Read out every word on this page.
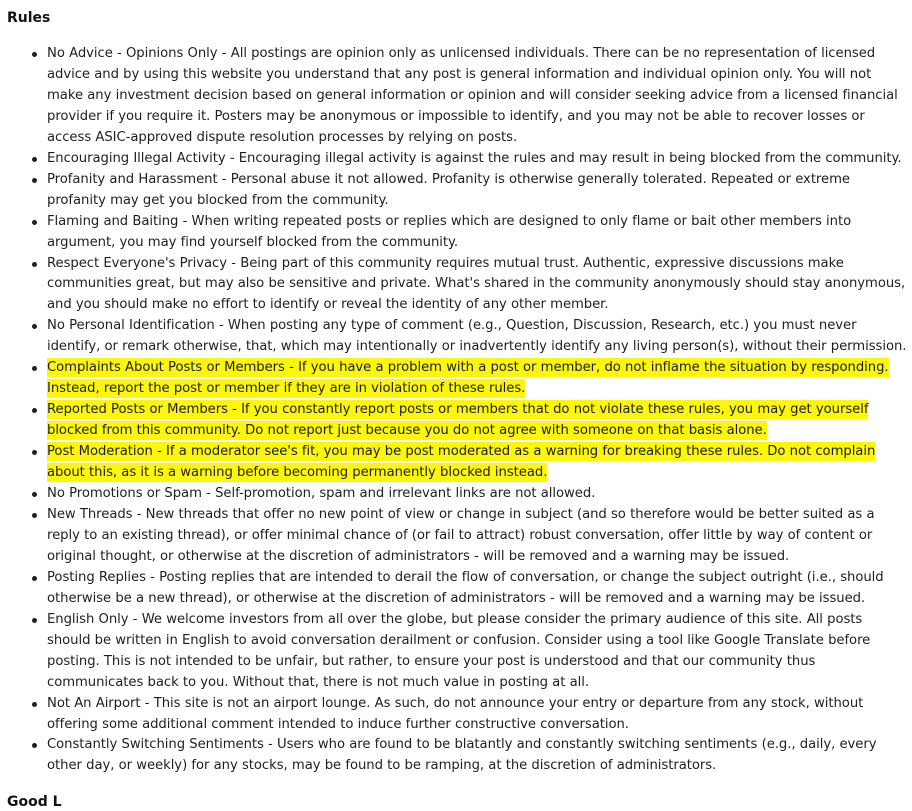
Rules
No Advice - Opinions Only - All postings are opinion only as unlicensed individuals. There can be no representation of licensed advice and by using this website you understand that any post is general information and individual opinion only. You will not make any investment decision based on general information or opinion and will consider seeking advice from a licensed financial provider if you require it. Posters may be anonymous or impossible to identify, and you may not be able to recover losses or access ASIC-approved dispute resolution processes by relying on posts.
Encouraging Illegal Activity - Encouraging illegal activity is against the rules and may result in being blocked from the community.
Profanity and Harassment - Personal abuse it not allowed. Profanity is otherwise generally tolerated. Repeated or extreme profanity may get you blocked from the community.
Flaming and Baiting - When writing repeated posts or replies which are designed to only flame or bait other members into argument, you may find yourself blocked from the community.
Respect Everyone's Privacy - Being part of this community requires mutual trust. Authentic, expressive discussions make communities great, but may also be sensitive and private. What's shared in the community anonymously should stay anonymous, and you should make no effort to identify or reveal the identity of any other member.
No Personal Identification - When posting any type of comment (e.g., Question, Discussion, Research, etc.) you must never identify, or remark otherwise, that, which may intentionally or inadvertently identify any living person(s), without their permission.
Complaints About Posts or Members - If you have a problem with a post or member, do not inflame the situation by responding. Instead, report the post or member if they are in violation of these rules.
Reported Posts or Members - If you constantly report posts or members that do not violate these rules, you may get yourself blocked from this community. Do not report just because you do not agree with someone on that basis alone.
Post Moderation - If a moderator see's fit, you may be post moderated as a warning for breaking these rules. Do not complain about this, as it is a warning before becoming permanently blocked instead.
No Promotions or Spam - Self-promotion, spam and irrelevant links are not allowed.
New Threads - New threads that offer no new point of view or change in subject (and so therefore would be better suited as a reply to an existing thread), or offer minimal chance of (or fail to attract) robust conversation, offer little by way of content or original thought, or otherwise at the discretion of administrators - will be removed and a warning may be issued.
Posting Replies - Posting replies that are intended to derail the flow of conversation, or change the subject outright (i.e., should otherwise be a new thread), or otherwise at the discretion of administrators - will be removed and a warning may be issued.
English Only - We welcome investors from all over the globe, but please consider the primary audience of this site. All posts should be written in English to avoid conversation derailment or confusion. Consider using a tool like Google Translate before posting. This is not intended to be unfair, but rather, to ensure your post is understood and that our community thus communicates back to you. Without that, there is not much value in posting at all.
Not An Airport - This site is not an airport lounge. As such, do not announce your entry or departure from any stock, without offering some additional comment intended to induce further constructive conversation.
Constantly Switching Sentiments - Users who are found to be blatantly and constantly switching sentiments (e.g., daily, every other day, or weekly) for any stocks, may be found to be ramping, at the discretion of administrators.
Good L
